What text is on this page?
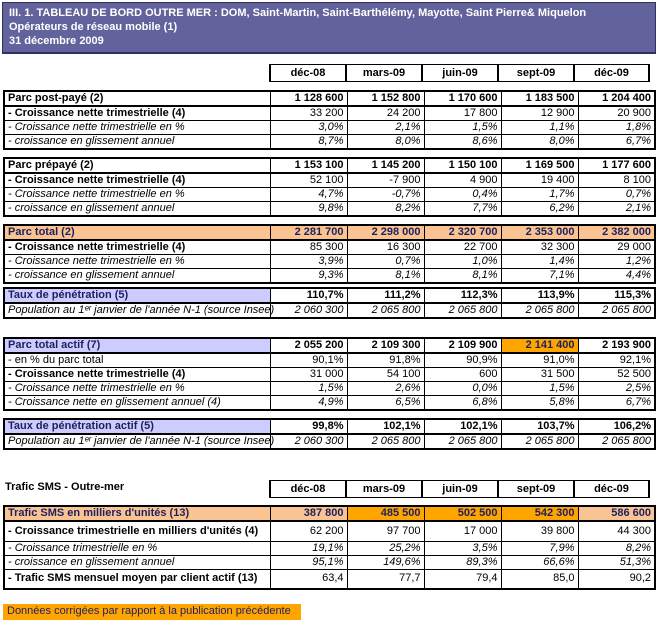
III. 1. TABLEAU DE BORD OUTRE MER : DOM, Saint-Martin, Saint-Barthélémy, Mayotte, Saint Pierre& Miquelon
Opérateurs de réseau mobile (1)
31 décembre 2009
déc-08	mars-09	juin-09	sept-09	déc-09
Parc post-payé (2)	1 128 600	1 152 800	1 170 600	1 183 500	1 204 400
- Croissance nette trimestrielle (4)	33 200	24 200	17 800	12 900	20 900
- Croissance nette trimestrielle en %	3,0%	2,1%	1,5%	1,1%	1,8%
- croissance en glissement annuel	8,7%	8,0%	8,6%	8,0%	6,7%
Parc prépayé (2)	1 153 100	1 145 200	1 150 100	1 169 500	1 177 600
- Croissance nette trimestrielle (4)	52 100	-7 900	4 900	19 400	8 100
- Croissance nette trimestrielle en %	4,7%	-0,7%	0,4%	1,7%	0,7%
- croissance en glissement annuel	9,8%	8,2%	7,7%	6,2%	2,1%
Parc total (2)	2 281 700	2 298 000	2 320 700	2 353 000	2 382 000
- Croissance nette trimestrielle (4)	85 300	16 300	22 700	32 300	29 000
- Croissance nette trimestrielle en %	3,9%	0,7%	1,0%	1,4%	1,2%
- croissance en glissement annuel	9,3%	8,1%	8,1%	7,1%	4,4%
Taux de pénétration (5)	110,7%	111,2%	112,3%	113,9%	115,3%
Population au 1ᵉʳ janvier de l'année N-1 (source Insee)	2 060 300	2 065 800	2 065 800	2 065 800	2 065 800
Parc total actif (7)	2 055 200	2 109 300	2 109 900	2 141 400	2 193 900
- en % du parc total	90,1%	91,8%	90,9%	91,0%	92,1%
- Croissance nette trimestrielle (4)	31 000	54 100	600	31 500	52 500
- Croissance nette trimestrielle en %	1,5%	2,6%	0,0%	1,5%	2,5%
- Croissance nette en glissement annuel (4)	4,9%	6,5%	6,8%	5,8%	6,7%
Taux de pénétration actif (5)	99,8%	102,1%	102,1%	103,7%	106,2%
Population au 1ᵉʳ janvier de l'année N-1 (source Insee)	2 060 300	2 065 800	2 065 800	2 065 800	2 065 800
Trafic SMS - Outre-mer	déc-08	mars-09	juin-09	sept-09	déc-09
Trafic SMS en milliers d'unités (13)	387 800	485 500	502 500	542 300	586 600
- Croissance trimestrielle en milliers d'unités (4)	62 200	97 700	17 000	39 800	44 300
- Croissance trimestrielle en %	19,1%	25,2%	3,5%	7,9%	8,2%
- croissance en glissement annuel	95,1%	149,6%	89,3%	66,6%	51,3%
- Trafic SMS mensuel moyen par client actif (13)	63,4	77,7	79,4	85,0	90,2
Données corrigées par rapport à la publication précédente
